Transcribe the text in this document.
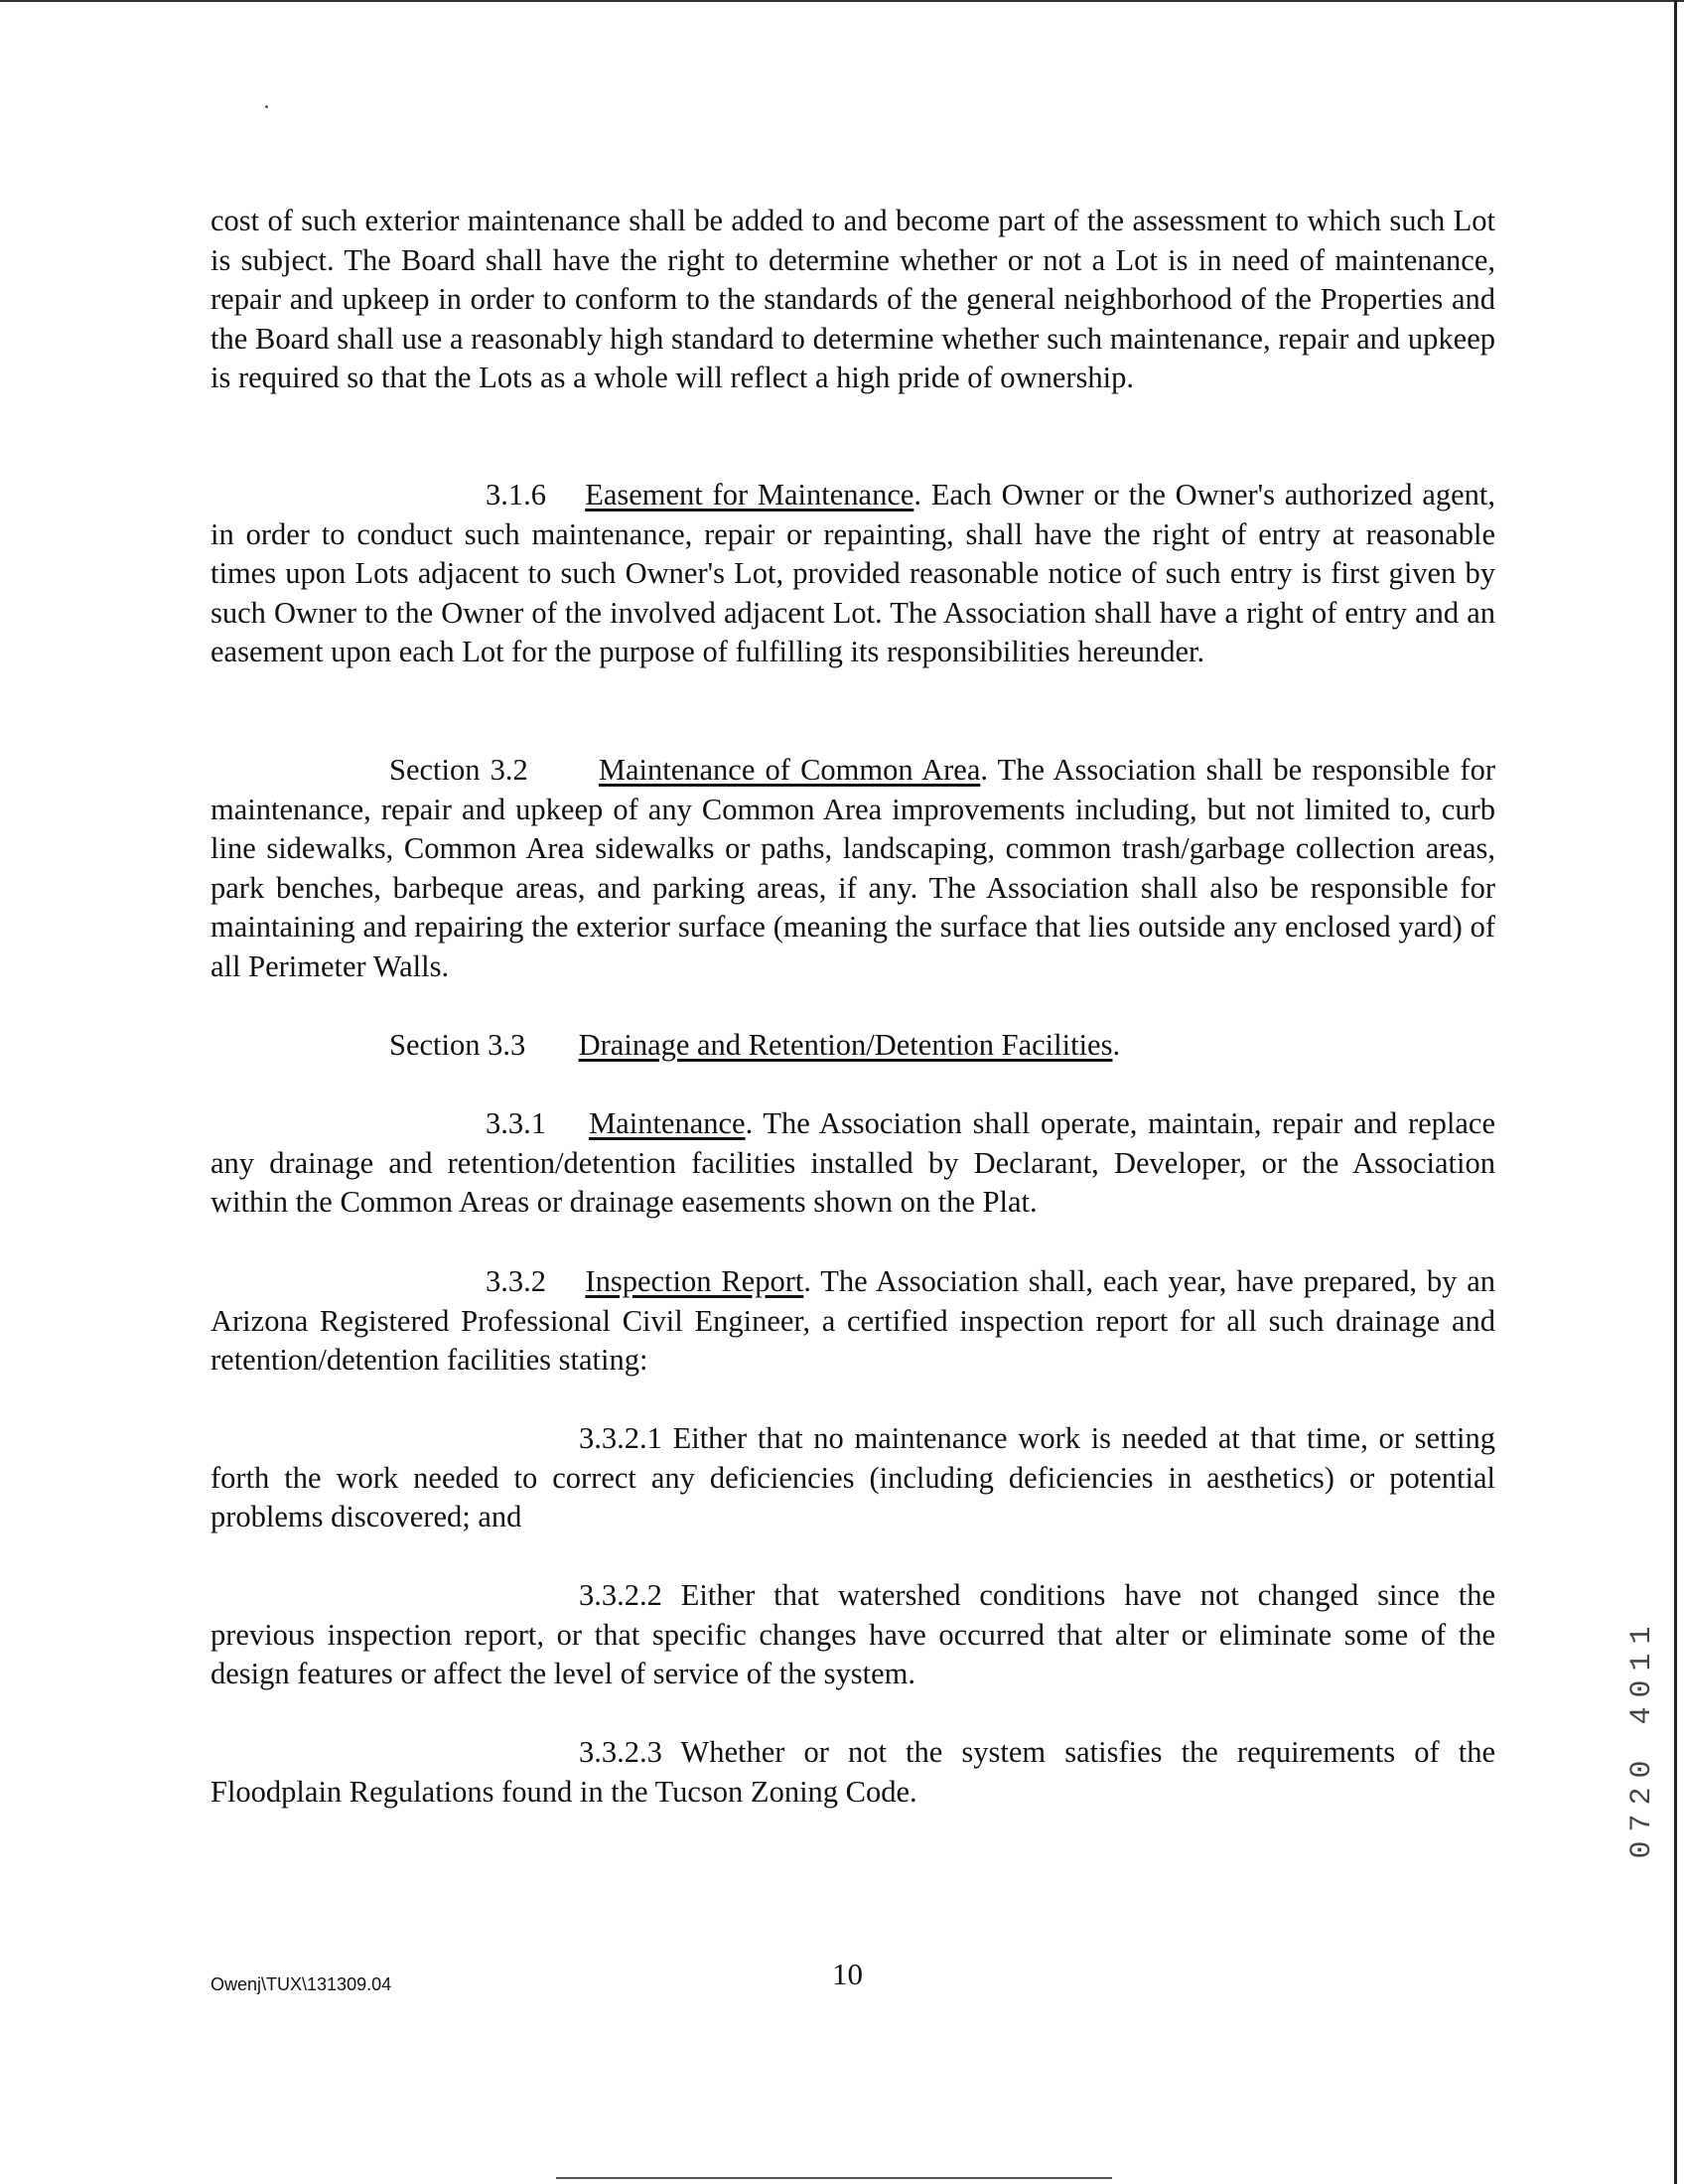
cost of such exterior maintenance shall be added to and become part of the assessment to which such Lot is subject. The Board shall have the right to determine whether or not a Lot is in need of maintenance, repair and upkeep in order to conform to the standards of the general neighborhood of the Properties and the Board shall use a reasonably high standard to determine whether such maintenance, repair and upkeep is required so that the Lots as a whole will reflect a high pride of ownership.

3.1.6 Easement for Maintenance. Each Owner or the Owner's authorized agent, in order to conduct such maintenance, repair or repainting, shall have the right of entry at reasonable times upon Lots adjacent to such Owner's Lot, provided reasonable notice of such entry is first given by such Owner to the Owner of the involved adjacent Lot. The Association shall have a right of entry and an easement upon each Lot for the purpose of fulfilling its responsibilities hereunder.

Section 3.2 Maintenance of Common Area. The Association shall be responsible for maintenance, repair and upkeep of any Common Area improvements including, but not limited to, curb line sidewalks, Common Area sidewalks or paths, landscaping, common trash/garbage collection areas, park benches, barbeque areas, and parking areas, if any. The Association shall also be responsible for maintaining and repairing the exterior surface (meaning the surface that lies outside any enclosed yard) of all Perimeter Walls.

Section 3.3 Drainage and Retention/Detention Facilities.

3.3.1 Maintenance. The Association shall operate, maintain, repair and replace any drainage and retention/detention facilities installed by Declarant, Developer, or the Association within the Common Areas or drainage easements shown on the Plat.

3.3.2 Inspection Report. The Association shall, each year, have prepared, by an Arizona Registered Professional Civil Engineer, a certified inspection report for all such drainage and retention/detention facilities stating:

3.3.2.1 Either that no maintenance work is needed at that time, or setting forth the work needed to correct any deficiencies (including deficiencies in aesthetics) or potential problems discovered; and

3.3.2.2 Either that watershed conditions have not changed since the previous inspection report, or that specific changes have occurred that alter or eliminate some of the design features or affect the level of service of the system.

3.3.2.3 Whether or not the system satisfies the requirements of the Floodplain Regulations found in the Tucson Zoning Code.

Owenj\TUX\131309.04	10
0720 4011
